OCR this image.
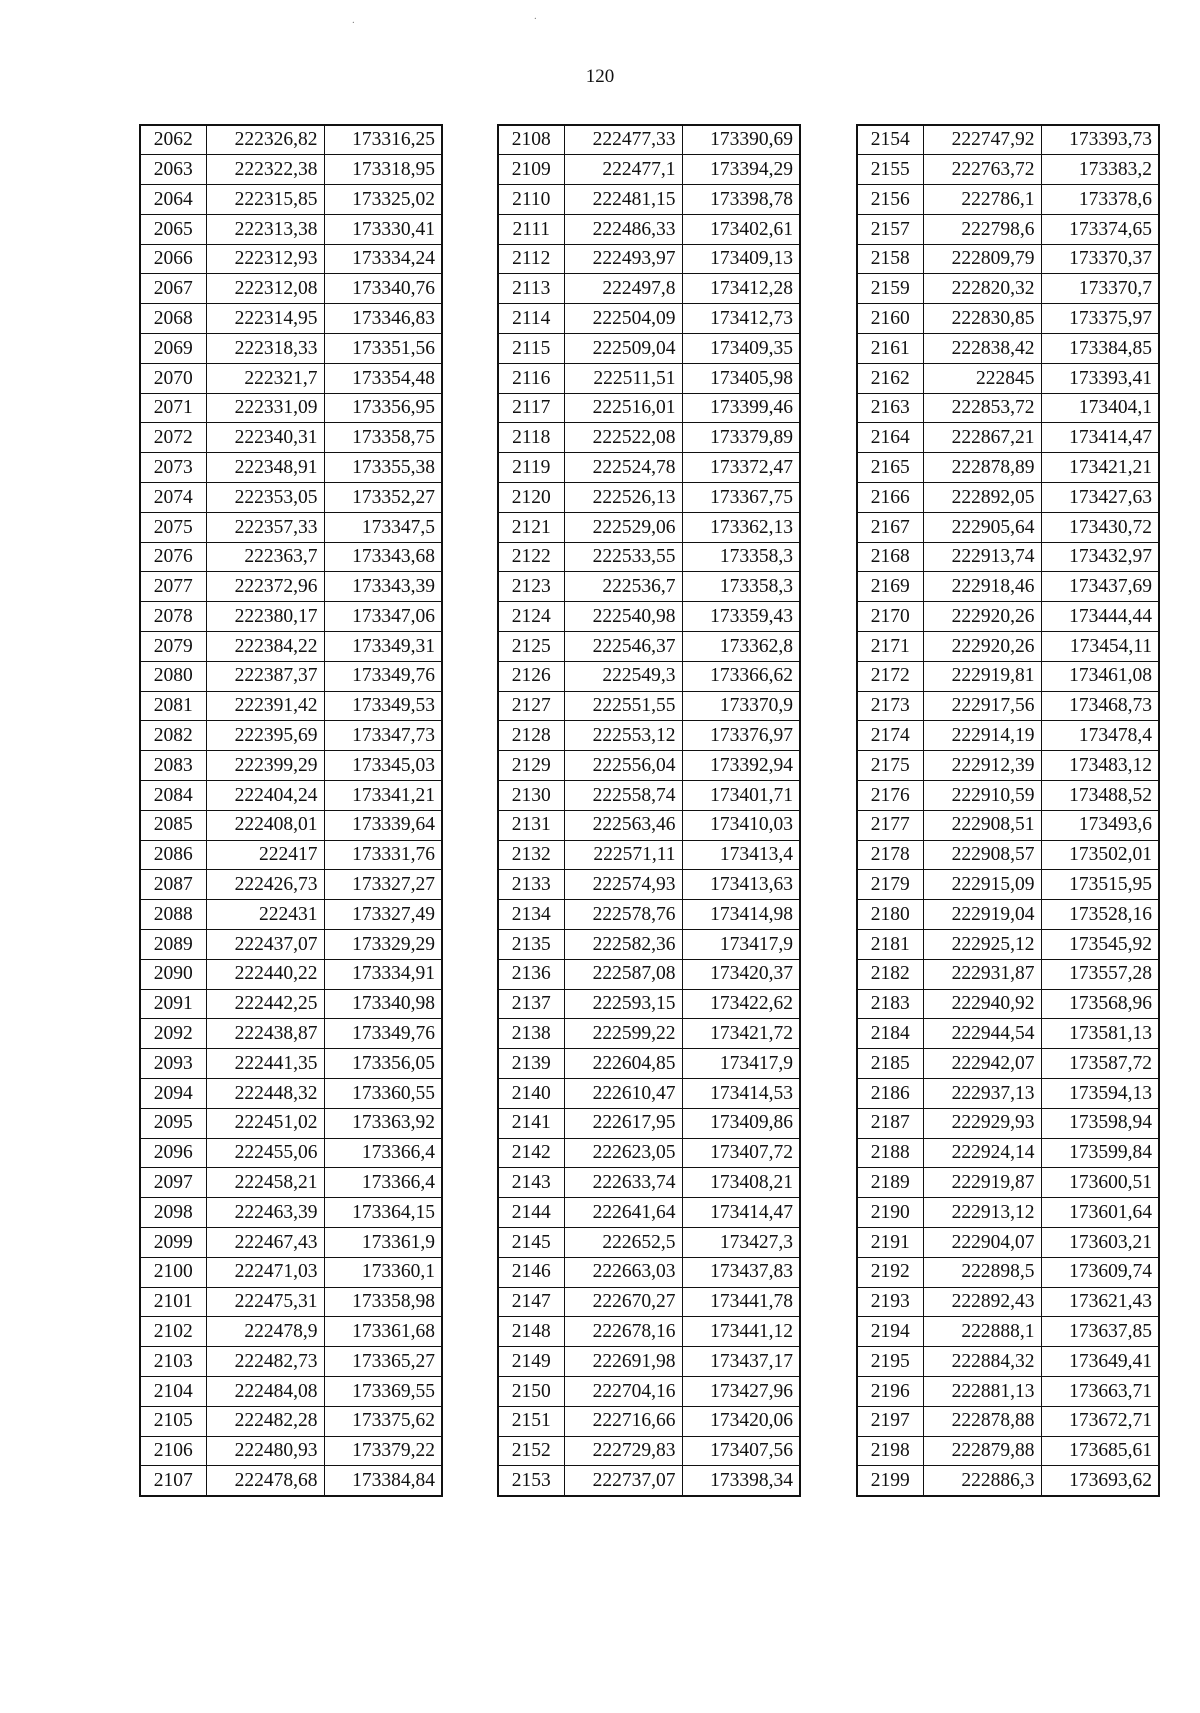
120
.	.
2062	222326,82	173316,25
2063	222322,38	173318,95
2064	222315,85	173325,02
2065	222313,38	173330,41
2066	222312,93	173334,24
2067	222312,08	173340,76
2068	222314,95	173346,83
2069	222318,33	173351,56
2070	222321,7	173354,48
2071	222331,09	173356,95
2072	222340,31	173358,75
2073	222348,91	173355,38
2074	222353,05	173352,27
2075	222357,33	173347,5
2076	222363,7	173343,68
2077	222372,96	173343,39
2078	222380,17	173347,06
2079	222384,22	173349,31
2080	222387,37	173349,76
2081	222391,42	173349,53
2082	222395,69	173347,73
2083	222399,29	173345,03
2084	222404,24	173341,21
2085	222408,01	173339,64
2086	222417	173331,76
2087	222426,73	173327,27
2088	222431	173327,49
2089	222437,07	173329,29
2090	222440,22	173334,91
2091	222442,25	173340,98
2092	222438,87	173349,76
2093	222441,35	173356,05
2094	222448,32	173360,55
2095	222451,02	173363,92
2096	222455,06	173366,4
2097	222458,21	173366,4
2098	222463,39	173364,15
2099	222467,43	173361,9
2100	222471,03	173360,1
2101	222475,31	173358,98
2102	222478,9	173361,68
2103	222482,73	173365,27
2104	222484,08	173369,55
2105	222482,28	173375,62
2106	222480,93	173379,22
2107	222478,68	173384,84
2108	222477,33	173390,69
2109	222477,1	173394,29
2110	222481,15	173398,78
2111	222486,33	173402,61
2112	222493,97	173409,13
2113	222497,8	173412,28
2114	222504,09	173412,73
2115	222509,04	173409,35
2116	222511,51	173405,98
2117	222516,01	173399,46
2118	222522,08	173379,89
2119	222524,78	173372,47
2120	222526,13	173367,75
2121	222529,06	173362,13
2122	222533,55	173358,3
2123	222536,7	173358,3
2124	222540,98	173359,43
2125	222546,37	173362,8
2126	222549,3	173366,62
2127	222551,55	173370,9
2128	222553,12	173376,97
2129	222556,04	173392,94
2130	222558,74	173401,71
2131	222563,46	173410,03
2132	222571,11	173413,4
2133	222574,93	173413,63
2134	222578,76	173414,98
2135	222582,36	173417,9
2136	222587,08	173420,37
2137	222593,15	173422,62
2138	222599,22	173421,72
2139	222604,85	173417,9
2140	222610,47	173414,53
2141	222617,95	173409,86
2142	222623,05	173407,72
2143	222633,74	173408,21
2144	222641,64	173414,47
2145	222652,5	173427,3
2146	222663,03	173437,83
2147	222670,27	173441,78
2148	222678,16	173441,12
2149	222691,98	173437,17
2150	222704,16	173427,96
2151	222716,66	173420,06
2152	222729,83	173407,56
2153	222737,07	173398,34
2154	222747,92	173393,73
2155	222763,72	173383,2
2156	222786,1	173378,6
2157	222798,6	173374,65
2158	222809,79	173370,37
2159	222820,32	173370,7
2160	222830,85	173375,97
2161	222838,42	173384,85
2162	222845	173393,41
2163	222853,72	173404,1
2164	222867,21	173414,47
2165	222878,89	173421,21
2166	222892,05	173427,63
2167	222905,64	173430,72
2168	222913,74	173432,97
2169	222918,46	173437,69
2170	222920,26	173444,44
2171	222920,26	173454,11
2172	222919,81	173461,08
2173	222917,56	173468,73
2174	222914,19	173478,4
2175	222912,39	173483,12
2176	222910,59	173488,52
2177	222908,51	173493,6
2178	222908,57	173502,01
2179	222915,09	173515,95
2180	222919,04	173528,16
2181	222925,12	173545,92
2182	222931,87	173557,28
2183	222940,92	173568,96
2184	222944,54	173581,13
2185	222942,07	173587,72
2186	222937,13	173594,13
2187	222929,93	173598,94
2188	222924,14	173599,84
2189	222919,87	173600,51
2190	222913,12	173601,64
2191	222904,07	173603,21
2192	222898,5	173609,74
2193	222892,43	173621,43
2194	222888,1	173637,85
2195	222884,32	173649,41
2196	222881,13	173663,71
2197	222878,88	173672,71
2198	222879,88	173685,61
2199	222886,3	173693,62
